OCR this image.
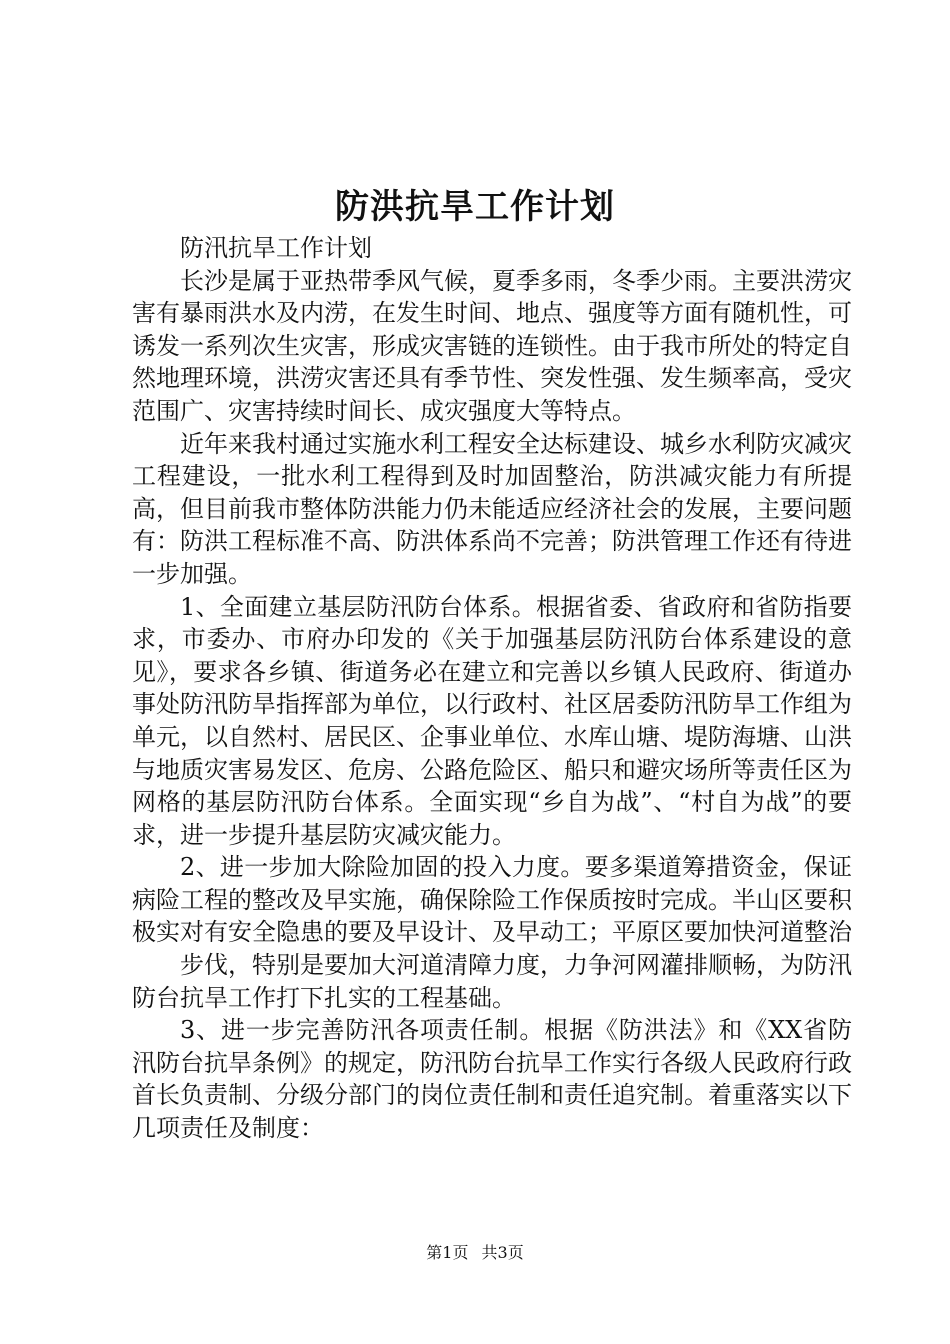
防洪抗旱工作计划

防汛抗旱工作计划

长沙是属于亚热带季风气候，夏季多雨，冬季少雨。主要洪涝灾害有暴雨洪水及内涝，在发生时间、地点、强度等方面有随机性，可诱发一系列次生灾害，形成灾害链的连锁性。由于我市所处的特定自然地理环境，洪涝灾害还具有季节性、突发性强、发生频率高，受灾范围广、灾害持续时间长、成灾强度大等特点。

近年来我村通过实施水利工程安全达标建设、城乡水利防灾减灾工程建设，一批水利工程得到及时加固整治，防洪减灾能力有所提高，但目前我市整体防洪能力仍未能适应经济社会的发展，主要问题有：防洪工程标准不高、防洪体系尚不完善；防洪管理工作还有待进一步加强。

1、全面建立基层防汛防台体系。根据省委、省政府和省防指要求，市委办、市府办印发的《关于加强基层防汛防台体系建设的意见》，要求各乡镇、街道务必在建立和完善以乡镇人民政府、街道办事处防汛防旱指挥部为单位，以行政村、社区居委防汛防旱工作组为单元，以自然村、居民区、企事业单位、水库山塘、堤防海塘、山洪与地质灾害易发区、危房、公路危险区、船只和避灾场所等责任区为网格的基层防汛防台体系。全面实现“乡自为战”、“村自为战”的要求，进一步提升基层防灾减灾能力。

2、进一步加大除险加固的投入力度。要多渠道筹措资金，保证病险工程的整改及早实施，确保除险工作保质按时完成。半山区要积极实对有安全隐患的要及早设计、及早动工；平原区要加快河道整治

步伐，特别是要加大河道清障力度，力争河网灌排顺畅，为防汛防台抗旱工作打下扎实的工程基础。

3、进一步完善防汛各项责任制。根据《防洪法》和《XX省防汛防台抗旱条例》的规定，防汛防台抗旱工作实行各级人民政府行政首长负责制、分级分部门的岗位责任制和责任追究制。着重落实以下几项责任及制度：

第1页 共3页
